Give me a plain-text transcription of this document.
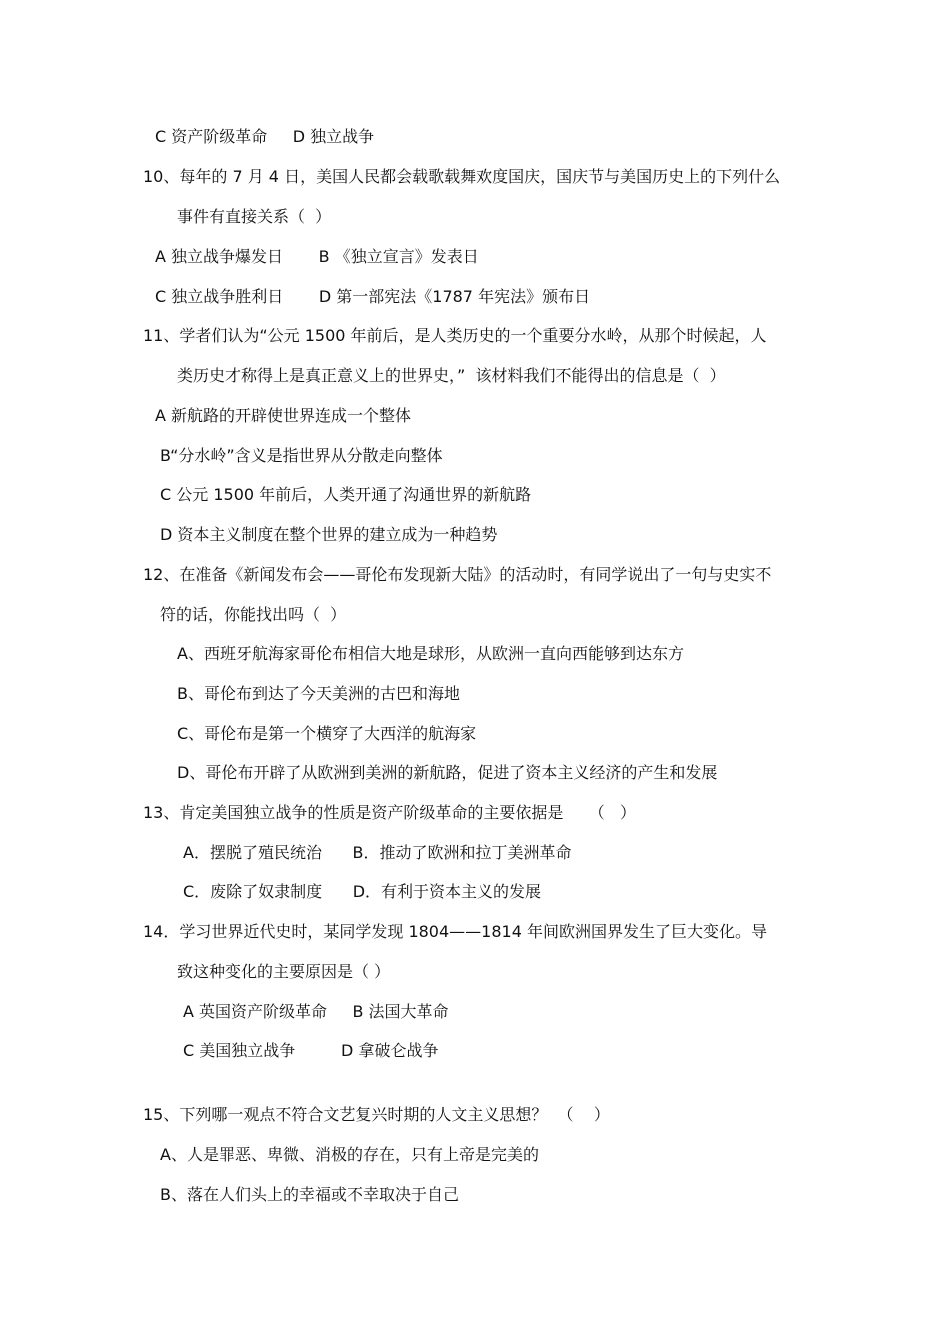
C 资产阶级革命     D 独立战争
10、每年的 7 月 4 日，美国人民都会载歌载舞欢度国庆，国庆节与美国历史上的下列什么
事件有直接关系（  ）
A 独立战争爆发日       B 《独立宣言》发表日
C 独立战争胜利日       D 第一部宪法《1787 年宪法》颁布日
11、学者们认为“公元 1500 年前后，是人类历史的一个重要分水岭，从那个时候起，人
类历史才称得上是真正意义上的世界史，”  该材料我们不能得出的信息是（  ）
A 新航路的开辟使世界连成一个整体
B“分水岭”含义是指世界从分散走向整体
C 公元 1500 年前后，人类开通了沟通世界的新航路
D 资本主义制度在整个世界的建立成为一种趋势
12、在准备《新闻发布会——哥伦布发现新大陆》的活动时，有同学说出了一句与史实不
符的话，你能找出吗（  ）
A、西班牙航海家哥伦布相信大地是球形，从欧洲一直向西能够到达东方
B、哥伦布到达了今天美洲的古巴和海地
C、哥伦布是第一个横穿了大西洋的航海家
D、哥伦布开辟了从欧洲到美洲的新航路，促进了资本主义经济的产生和发展
13、肯定美国独立战争的性质是资产阶级革命的主要依据是     （   ）
A．摆脱了殖民统治      B．推动了欧洲和拉丁美洲革命
C．废除了奴隶制度      D．有利于资本主义的发展
14．学习世界近代史时，某同学发现 1804——1814 年间欧洲国界发生了巨大变化。导
致这种变化的主要原因是（ ）
A 英国资产阶级革命     B 法国大革命
C 美国独立战争         D 拿破仑战争
15、下列哪一观点不符合文艺复兴时期的人文主义思想？  （    ）
A、人是罪恶、卑微、消极的存在，只有上帝是完美的
B、落在人们头上的幸福或不幸取决于自己
